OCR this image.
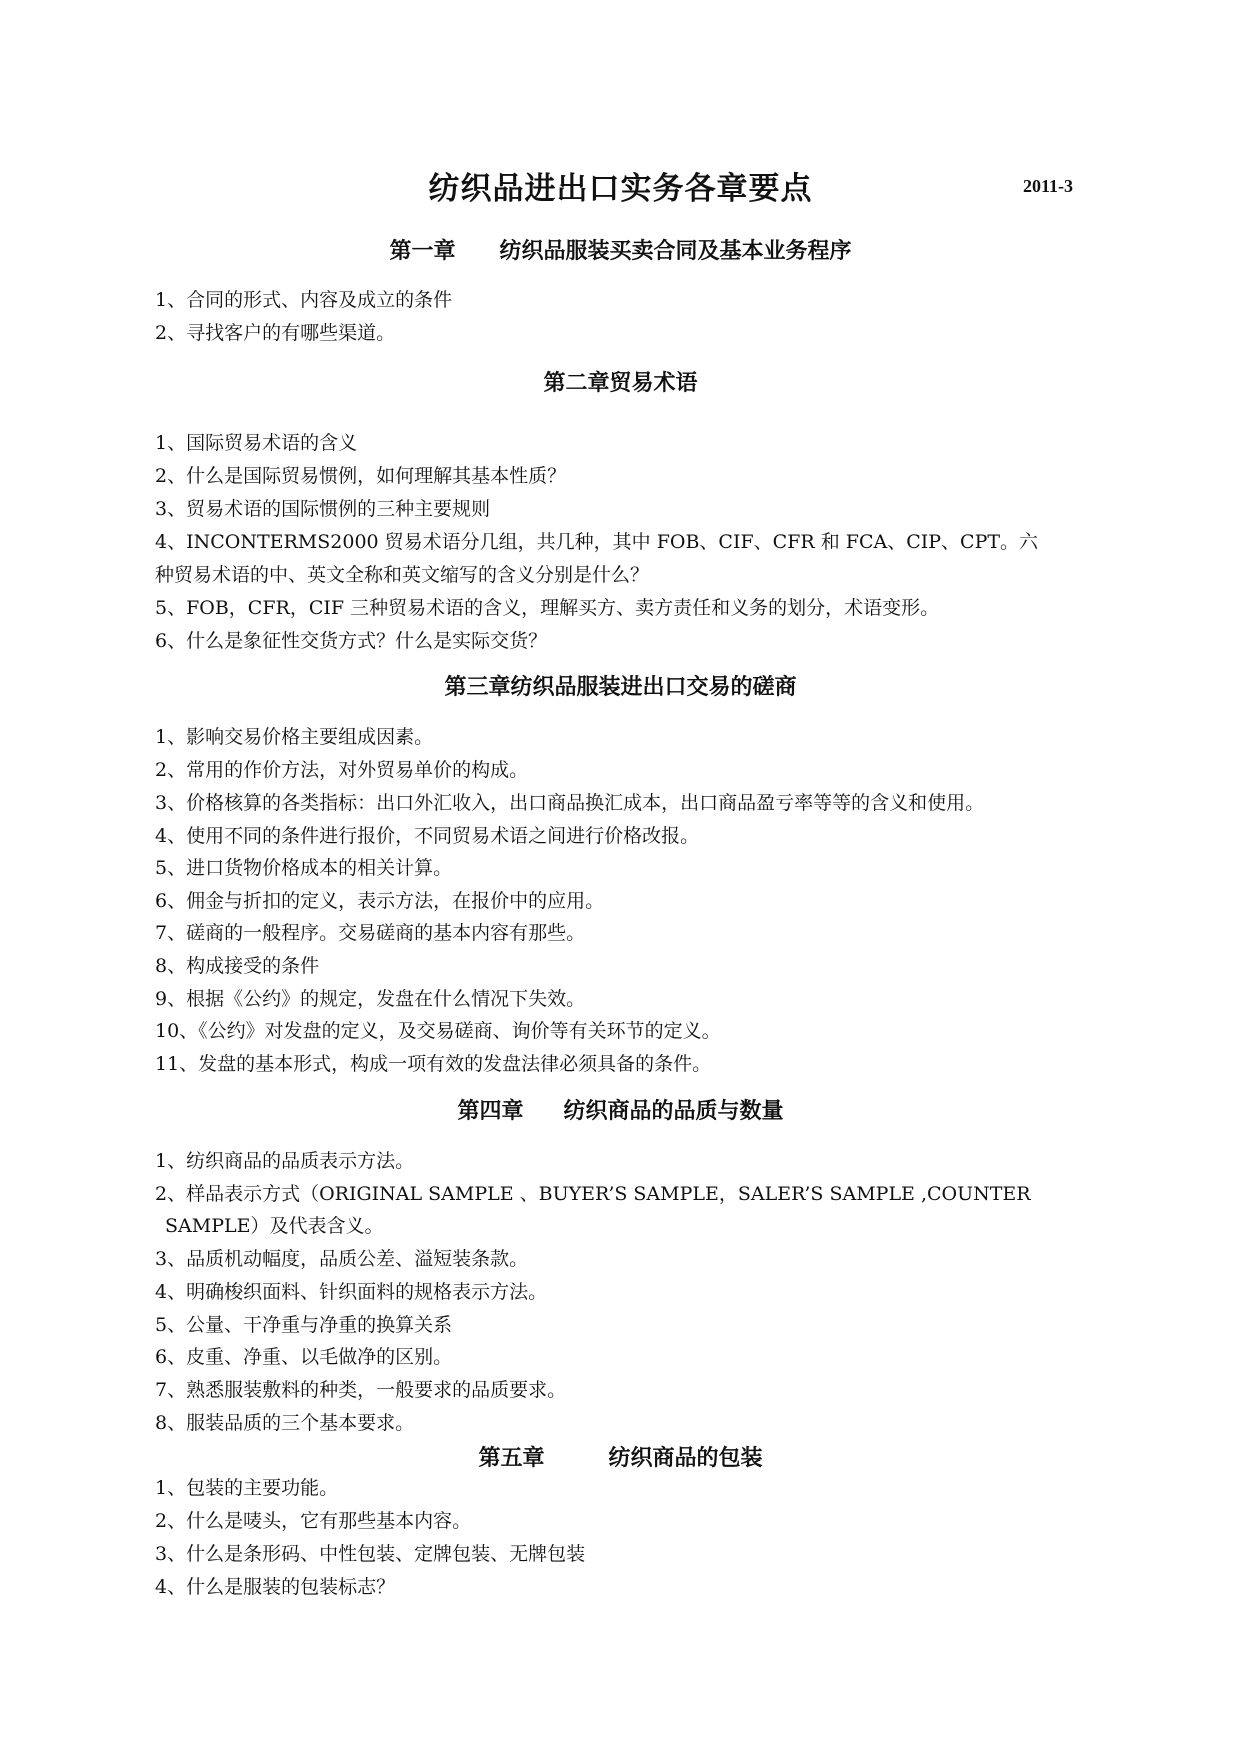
纺织品进出口实务各章要点	2011-3
第一章 纺织品服装买卖合同及基本业务程序
1、合同的形式、内容及成立的条件
2、寻找客户的有哪些渠道。
第二章贸易术语
1、国际贸易术语的含义
2、什么是国际贸易惯例，如何理解其基本性质？
3、贸易术语的国际惯例的三种主要规则
4、INCONTERMS2000 贸易术语分几组，共几种，其中 FOB、CIF、CFR 和 FCA、CIP、CPT。六
种贸易术语的中、英文全称和英文缩写的含义分别是什么？
5、FOB，CFR，CIF 三种贸易术语的含义，理解买方、卖方责任和义务的划分，术语变形。
6、什么是象征性交货方式？什么是实际交货？
第三章纺织品服装进出口交易的磋商
1、影响交易价格主要组成因素。
2、常用的作价方法，对外贸易单价的构成。
3、价格核算的各类指标：出口外汇收入，出口商品换汇成本，出口商品盈亏率等等的含义和使用。
4、使用不同的条件进行报价，不同贸易术语之间进行价格改报。
5、进口货物价格成本的相关计算。
6、佣金与折扣的定义，表示方法，在报价中的应用。
7、磋商的一般程序。交易磋商的基本内容有那些。
8、构成接受的条件
9、根据《公约》的规定，发盘在什么情况下失效。
10、《公约》对发盘的定义，及交易磋商、询价等有关环节的定义。
11、发盘的基本形式，构成一项有效的发盘法律必须具备的条件。
第四章 纺织商品的品质与数量
1、纺织商品的品质表示方法。
2、样品表示方式（ORIGINAL SAMPLE 、BUYER’S SAMPLE，SALER’S SAMPLE ,COUNTER
SAMPLE）及代表含义。
3、品质机动幅度，品质公差、溢短装条款。
4、明确梭织面料、针织面料的规格表示方法。
5、公量、干净重与净重的换算关系
6、皮重、净重、以毛做净的区别。
7、熟悉服装敷料的种类，一般要求的品质要求。
8、服装品质的三个基本要求。
第五章	纺织商品的包装
1、包装的主要功能。
2、什么是唛头，它有那些基本内容。
3、什么是条形码、中性包装、定牌包装、无牌包装
4、什么是服装的包装标志？
